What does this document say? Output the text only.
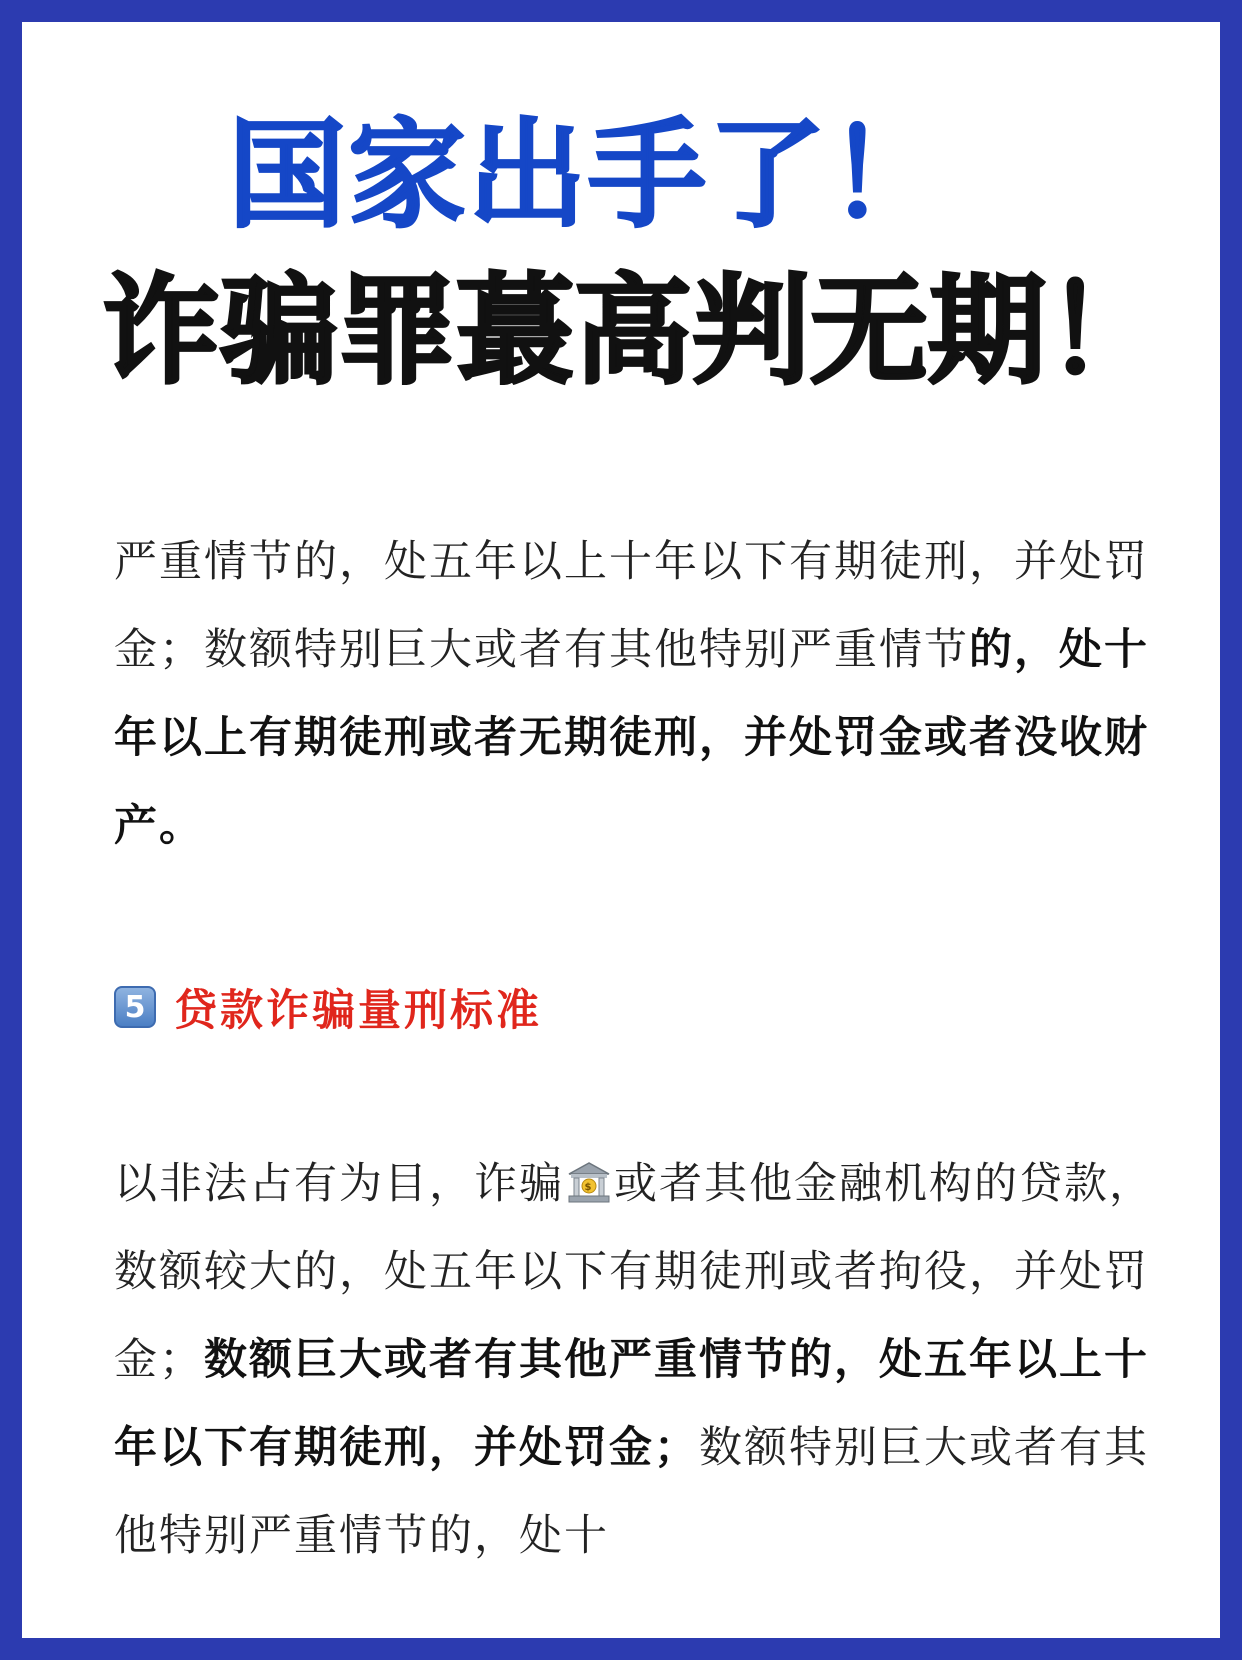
国家出手了！
诈骗罪蕞高判无期！
严重情节的，处五年以上十年以下有期徒刑，并处罚金；数额特别巨大或者有其他特别严重情节的，处十年以上有期徒刑或者无期徒刑，并处罚金或者没收财产。
5 贷款诈骗量刑标准
以非法占有为目，诈骗 $ 或者其他金融机构的贷款，数额较大的，处五年以下有期徒刑或者拘役，并处罚金；数额巨大或者有其他严重情节的，处五年以上十年以下有期徒刑，并处罚金；数额特别巨大或者有其他特别严重情节的，处十
